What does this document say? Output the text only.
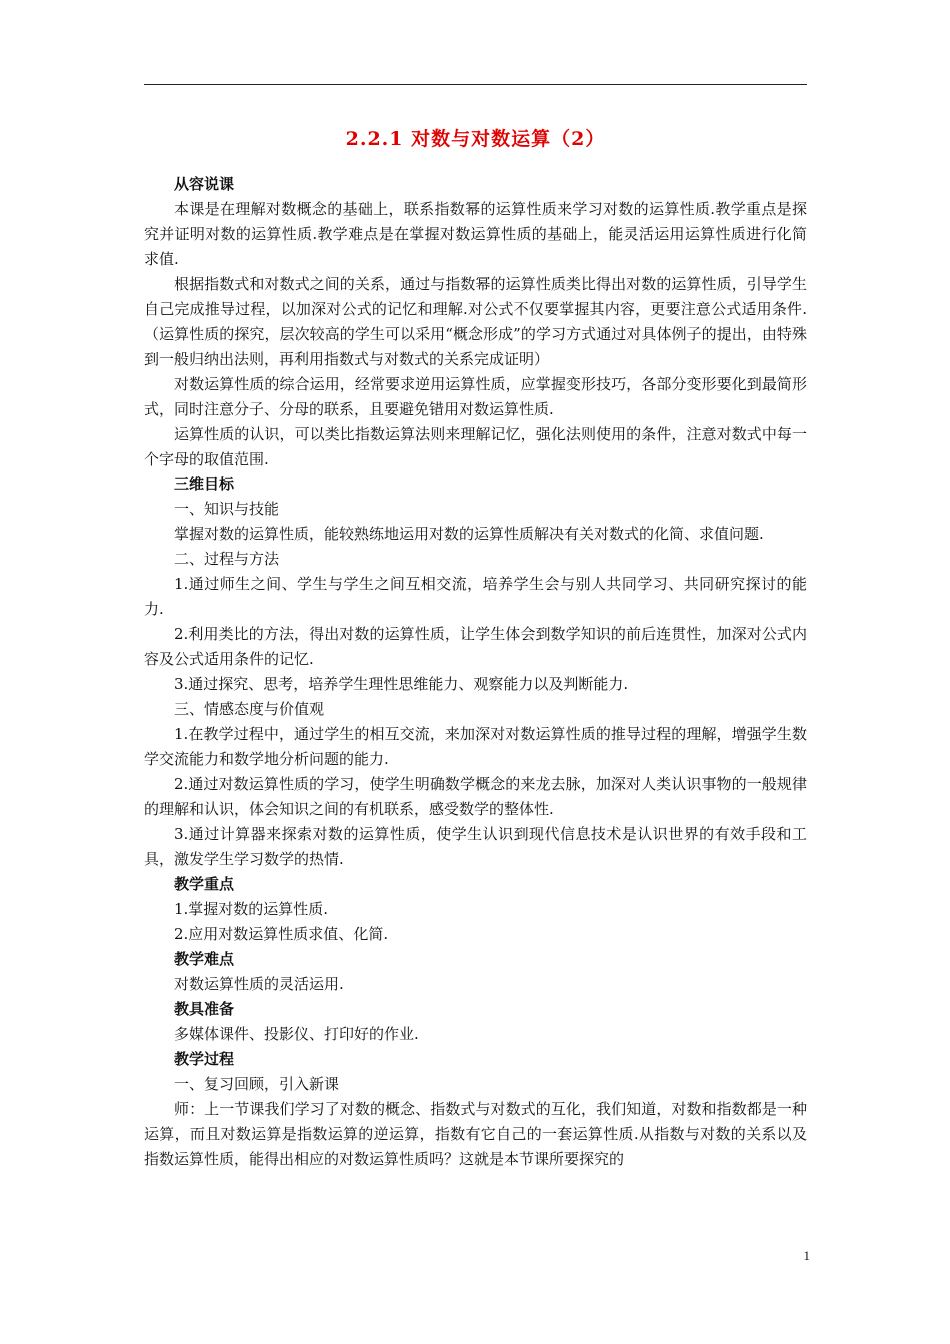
2.2.1 对数与对数运算（2）

从容说课

本课是在理解对数概念的基础上，联系指数幂的运算性质来学习对数的运算性质.教学重点是探究并证明对数的运算性质.教学难点是在掌握对数运算性质的基础上，能灵活运用运算性质进行化简求值.

根据指数式和对数式之间的关系，通过与指数幂的运算性质类比得出对数的运算性质，引导学生自己完成推导过程，以加深对公式的记忆和理解.对公式不仅要掌握其内容，更要注意公式适用条件.（运算性质的探究，层次较高的学生可以采用“概念形成”的学习方式通过对具体例子的提出，由特殊到一般归纳出法则，再利用指数式与对数式的关系完成证明）

对数运算性质的综合运用，经常要求逆用运算性质，应掌握变形技巧，各部分变形要化到最简形式，同时注意分子、分母的联系，且要避免错用对数运算性质.

运算性质的认识，可以类比指数运算法则来理解记忆，强化法则使用的条件，注意对数式中每一个字母的取值范围.

三维目标

一、知识与技能

掌握对数的运算性质，能较熟练地运用对数的运算性质解决有关对数式的化简、求值问题.

二、过程与方法

1.通过师生之间、学生与学生之间互相交流，培养学生会与别人共同学习、共同研究探讨的能力.

2.利用类比的方法，得出对数的运算性质，让学生体会到数学知识的前后连贯性，加深对公式内容及公式适用条件的记忆.

3.通过探究、思考，培养学生理性思维能力、观察能力以及判断能力.

三、情感态度与价值观

1.在教学过程中，通过学生的相互交流，来加深对对数运算性质的推导过程的理解，增强学生数学交流能力和数学地分析问题的能力.

2.通过对数运算性质的学习，使学生明确数学概念的来龙去脉，加深对人类认识事物的一般规律的理解和认识，体会知识之间的有机联系，感受数学的整体性.

3.通过计算器来探索对数的运算性质，使学生认识到现代信息技术是认识世界的有效手段和工具，激发学生学习数学的热情.

教学重点

1.掌握对数的运算性质.

2.应用对数运算性质求值、化简.

教学难点

对数运算性质的灵活运用.

教具准备

多媒体课件、投影仪、打印好的作业.

教学过程

一、复习回顾，引入新课

师：上一节课我们学习了对数的概念、指数式与对数式的互化，我们知道，对数和指数都是一种运算，而且对数运算是指数运算的逆运算，指数有它自己的一套运算性质.从指数与对数的关系以及指数运算性质，能得出相应的对数运算性质吗？这就是本节课所要探究的

1
